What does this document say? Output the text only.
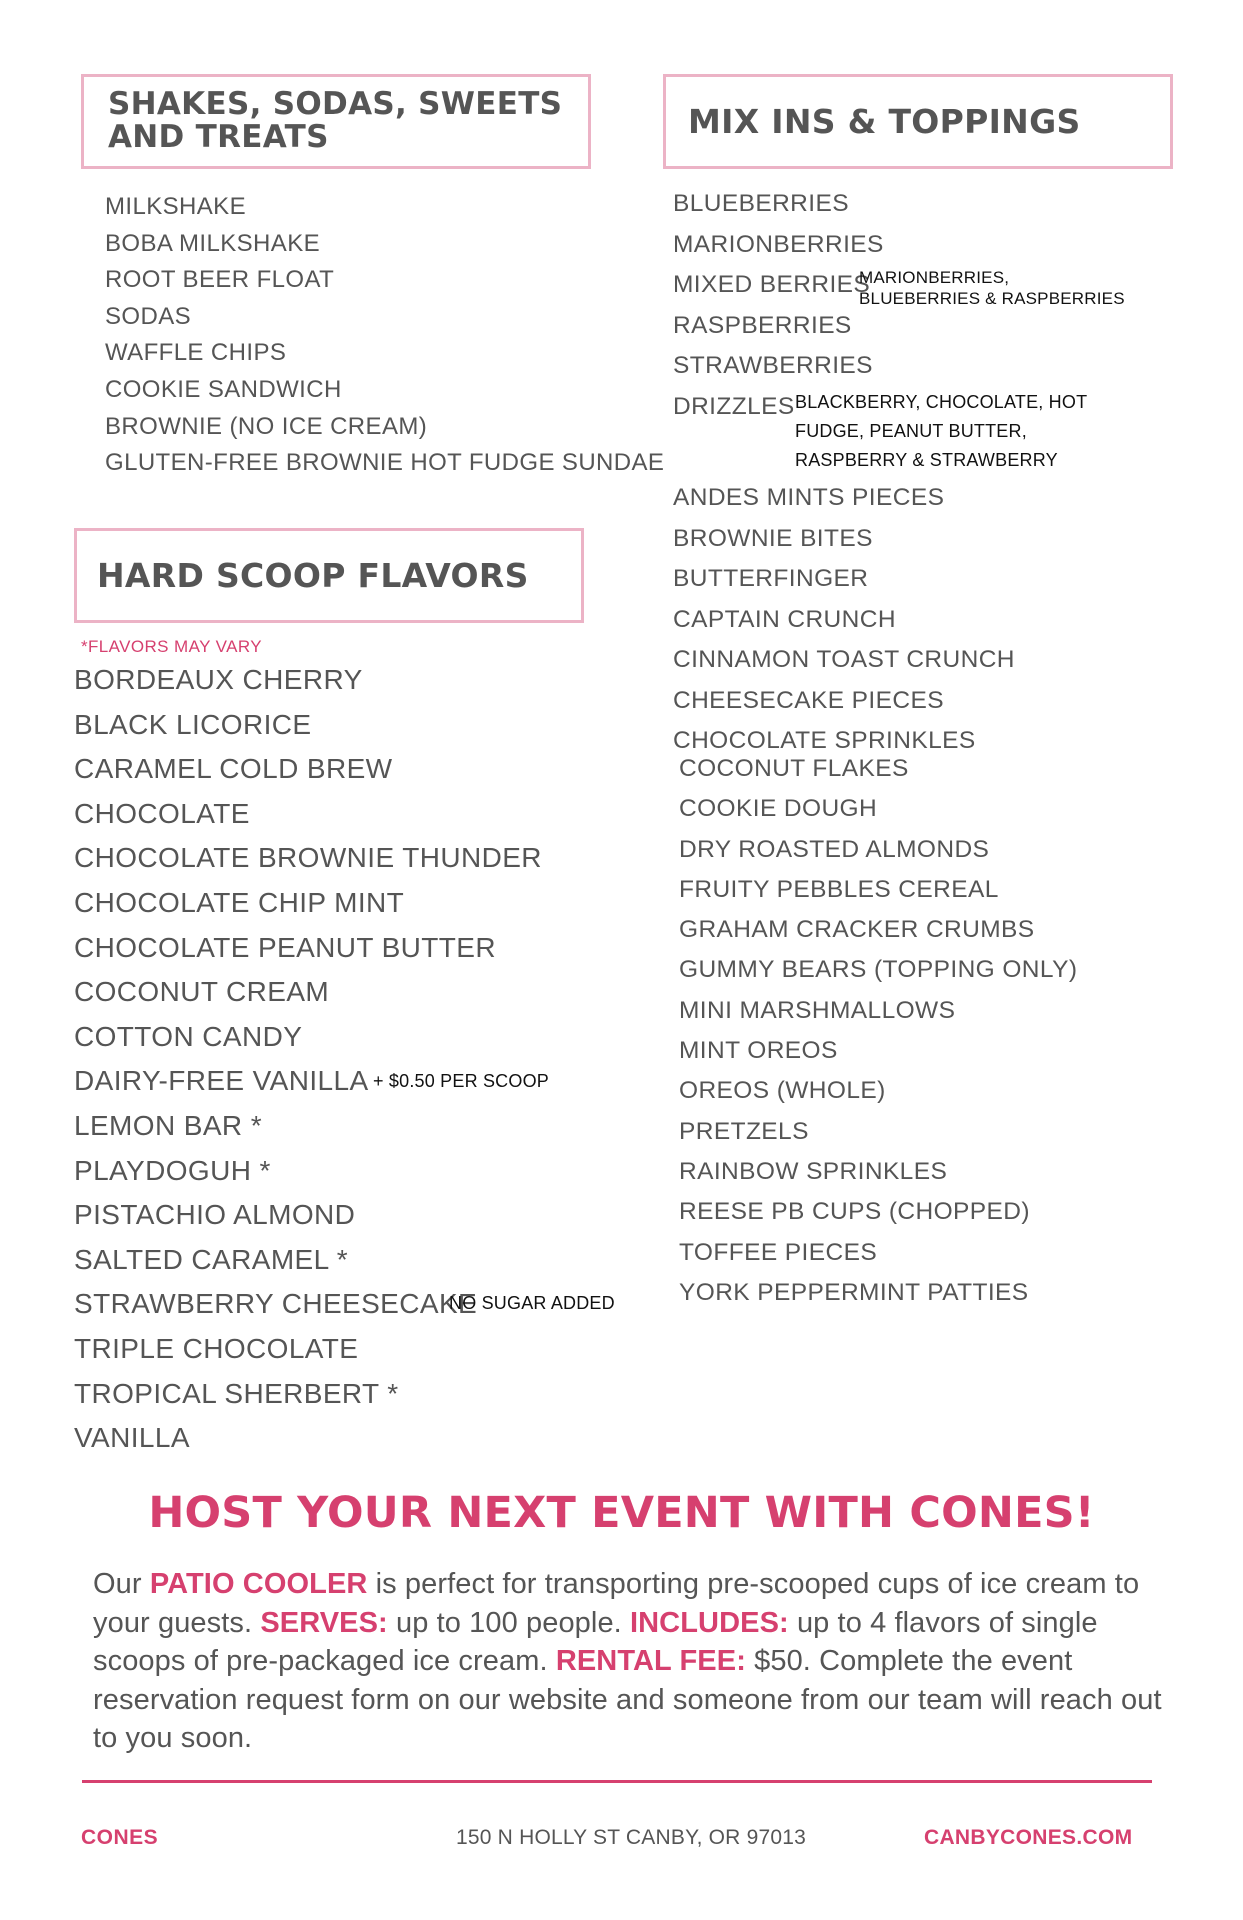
SHAKES, SODAS, SWEETS
AND TREATS
MILKSHAKE
BOBA MILKSHAKE
ROOT BEER FLOAT
SODAS
WAFFLE CHIPS
COOKIE SANDWICH
BROWNIE (NO ICE CREAM)
GLUTEN-FREE BROWNIE HOT FUDGE SUNDAE
HARD SCOOP FLAVORS
*FLAVORS MAY VARY
BORDEAUX CHERRY
BLACK LICORICE
CARAMEL COLD BREW
CHOCOLATE
CHOCOLATE BROWNIE THUNDER
CHOCOLATE CHIP MINT
CHOCOLATE PEANUT BUTTER
COCONUT CREAM
COTTON CANDY
DAIRY-FREE VANILLA
LEMON BAR *
PLAYDOGUH *
PISTACHIO ALMOND
SALTED CARAMEL *
STRAWBERRY CHEESECAKE
TRIPLE CHOCOLATE
TROPICAL SHERBERT *
VANILLA
+ $0.50 PER SCOOP
NO SUGAR ADDED
MIX INS & TOPPINGS
BLUEBERRIES
MARIONBERRIES
MIXED BERRIES
RASPBERRIES
STRAWBERRIES
DRIZZLES
MARIONBERRIES,
BLUEBERRIES & RASPBERRIES
BLACKBERRY, CHOCOLATE, HOT
FUDGE, PEANUT BUTTER,
RASPBERRY & STRAWBERRY
ANDES MINTS PIECES
BROWNIE BITES
BUTTERFINGER
CAPTAIN CRUNCH
CINNAMON TOAST CRUNCH
CHEESECAKE PIECES
CHOCOLATE SPRINKLES
COCONUT FLAKES
COOKIE DOUGH
DRY ROASTED ALMONDS
FRUITY PEBBLES CEREAL
GRAHAM CRACKER CRUMBS
GUMMY BEARS (TOPPING ONLY)
MINI MARSHMALLOWS
MINT OREOS
OREOS (WHOLE)
PRETZELS
RAINBOW SPRINKLES
REESE PB CUPS (CHOPPED)
TOFFEE PIECES
YORK PEPPERMINT PATTIES
HOST YOUR NEXT EVENT WITH CONES!

Our PATIO COOLER is perfect for transporting pre-scooped cups of ice cream to your guests. SERVES: up to 100 people. INCLUDES: up to 4 flavors of single scoops of pre-packaged ice cream. RENTAL FEE: $50. Complete the event reservation request form on our website and someone from our team will reach out to you soon.

CONES	150 N HOLLY ST CANBY, OR 97013	CANBYCONES.COM
